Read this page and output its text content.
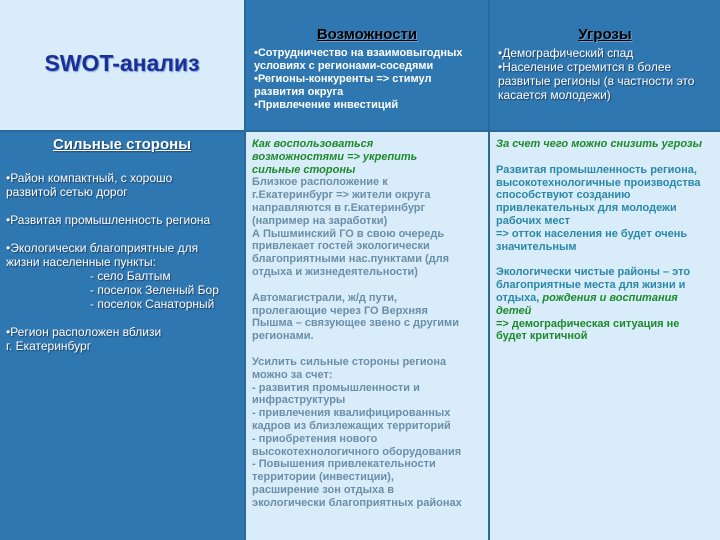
SWOT-анализ
Возможности
•Сотрудничество на взаимовыгодных
условиях с регионами-соседями
•Регионы-конкуренты => стимул
развития округа
•Привлечение инвестиций
Угрозы
•Демографический спад
•Население стремится в более
развитые регионы (в частности это
касается молодежи)
Сильные стороны
•Район компактный, с хорошо
развитой сетью дорог
•Развитая промышленность региона
•Экологически благоприятные для
жизни населенные пункты:
- село Балтым
- поселок Зеленый Бор
- поселок Санаторный
•Регион расположен вблизи
г. Екатеринбург
Как воспользоваться
возможностями => укрепить
сильные стороны
Близкое расположение к
г.Екатеринбург => жители округа
направляются в г.Екатеринбург
(например на заработки)
А Пышминский ГО в свою очередь
привлекает гостей экологически
благоприятными нас.пунктами (для
отдыха и жизнедеятельности)
Автомагистрали, ж/д пути,
пролегающие через ГО Верхняя
Пышма – связующее звено с другими
регионами.
Усилить сильные стороны региона
можно за счет:
- развития промышленности и
инфраструктуры
- привлечения квалифицированных
кадров из близлежащих территорий
- приобретения нового
высокотехнологичного оборудования
- Повышения привлекательности
территории (инвестиции),
расширение зон отдыха в
экологически благоприятных районах
За счет чего можно снизить угрозы
Развитая промышленность региона,
высокотехнологичные производства
способствуют созданию
привлекательных для молодежи
рабочих мест
=> отток населения не будет очень
значительным
Экологически чистые районы – это
благоприятные места для жизни и
отдыха, рождения и воспитания
детей
=> демографическая ситуация не
будет критичной
